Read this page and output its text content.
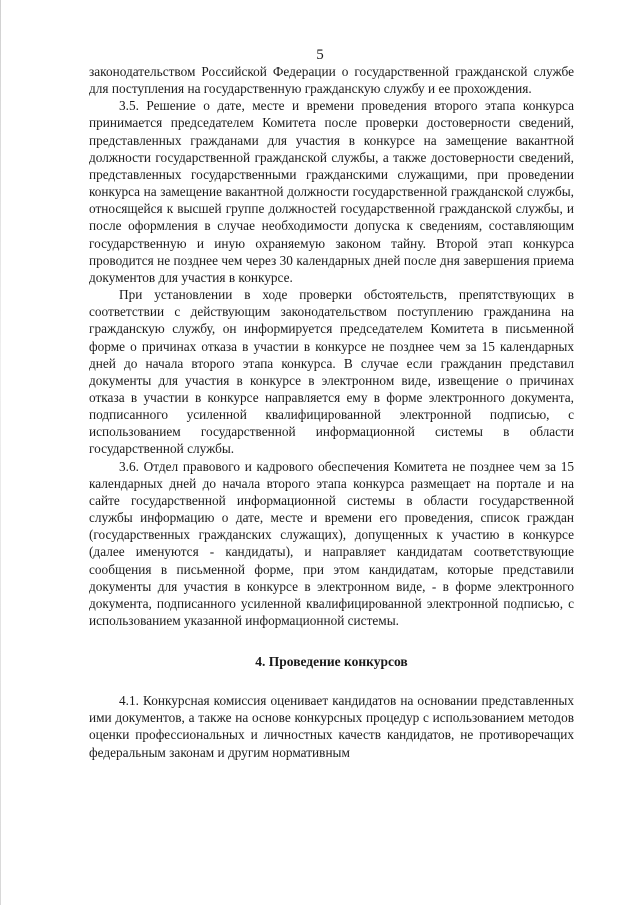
5

законодательством Российской Федерации о государственной гражданской службе для поступления на государственную гражданскую службу и ее прохождения.

3.5. Решение о дате, месте и времени проведения второго этапа конкурса принимается председателем Комитета после проверки достоверности сведений, представленных гражданами для участия в конкурсе на замещение вакантной должности государственной гражданской службы, а также достоверности сведений, представленных государственными гражданскими служащими, при проведении конкурса на замещение вакантной должности государственной гражданской службы, относящейся к высшей группе должностей государственной гражданской службы, и после оформления в случае необходимости допуска к сведениям, составляющим государственную и иную охраняемую законом тайну. Второй этап конкурса проводится не позднее чем через 30 календарных дней после дня завершения приема документов для участия в конкурсе.

При установлении в ходе проверки обстоятельств, препятствующих в соответствии с действующим законодательством поступлению гражданина на гражданскую службу, он информируется председателем Комитета в письменной форме о причинах отказа в участии в конкурсе не позднее чем за 15 календарных дней до начала второго этапа конкурса. В случае если гражданин представил документы для участия в конкурсе в электронном виде, извещение о причинах отказа в участии в конкурсе направляется ему в форме электронного документа, подписанного усиленной квалифицированной электронной подписью, с использованием государственной информационной системы в области государственной службы.

3.6. Отдел правового и кадрового обеспечения Комитета не позднее чем за 15 календарных дней до начала второго этапа конкурса размещает на портале и на сайте государственной информационной системы в области государственной службы информацию о дате, месте и времени его проведения, список граждан (государственных гражданских служащих), допущенных к участию в конкурсе (далее именуются - кандидаты), и направляет кандидатам соответствующие сообщения в письменной форме, при этом кандидатам, которые представили документы для участия в конкурсе в электронном виде, - в форме электронного документа, подписанного усиленной квалифицированной электронной подписью, с использованием указанной информационной системы.

4. Проведение конкурсов

4.1. Конкурсная комиссия оценивает кандидатов на основании представленных ими документов, а также на основе конкурсных процедур с использованием методов оценки профессиональных и личностных качеств кандидатов, не противоречащих федеральным законам и другим нормативным
